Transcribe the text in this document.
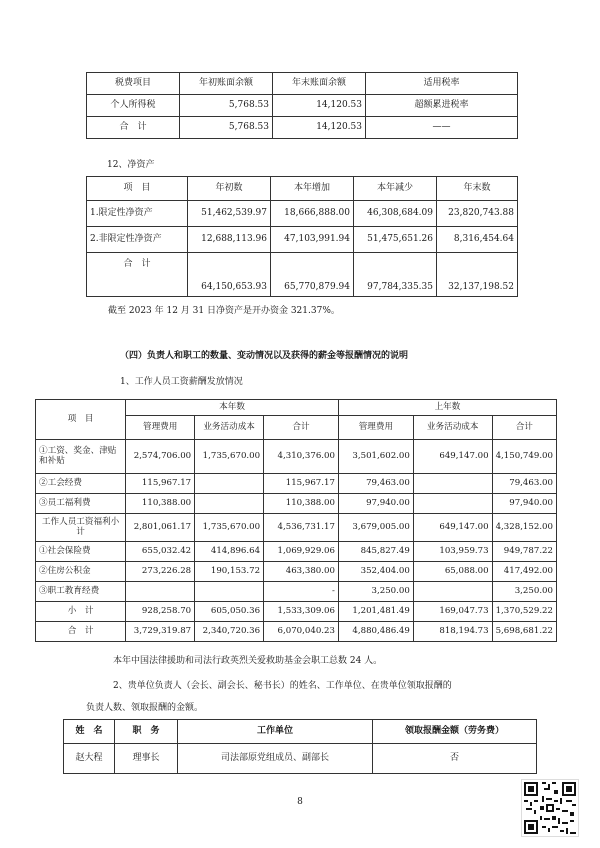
税费项目	年初账面余额	年末账面余额	适用税率
个人所得税	5,768.53	14,120.53	超额累进税率
合　计	5,768.53	14,120.53	——
12、净资产
项　目	年初数	本年增加	本年减少	年末数
1.限定性净资产	51,462,539.97	18,666,888.00	46,308,684.09	23,820,743.88
2.非限定性净资产	12,688,113.96	47,103,991.94	51,475,651.26	8,316,454.64
合　计	64,150,653.93	65,770,879.94	97,784,335.35	32,137,198.52
截至 2023 年 12 月 31 日净资产是开办资金 321.37%。
（四）负责人和职工的数量、变动情况以及获得的薪金等报酬情况的说明
1、工作人员工资薪酬发放情况
项　目	本年数			上年数		
	管理费用	业务活动成本	合计	管理费用	业务活动成本	合计
①工资、奖金、津贴和补贴	2,574,706.00	1,735,670.00	4,310,376.00	3,501,602.00	649,147.00	4,150,749.00
②工会经费	115,967.17		115,967.17	79,463.00		79,463.00
③员工福利费	110,388.00		110,388.00	97,940.00		97,940.00
工作人员工资福利小计	2,801,061.17	1,735,670.00	4,536,731.17	3,679,005.00	649,147.00	4,328,152.00
①社会保险费	655,032.42	414,896.64	1,069,929.06	845,827.49	103,959.73	949,787.22
②住房公积金	273,226.28	190,153.72	463,380.00	352,404.00	65,088.00	417,492.00
③职工教育经费			-	3,250.00		3,250.00
小　计	928,258.70	605,050.36	1,533,309.06	1,201,481.49	169,047.73	1,370,529.22
合　计	3,729,319.87	2,340,720.36	6,070,040.23	4,880,486.49	818,194.73	5,698,681.22
本年中国法律援助和司法行政英烈关爱救助基金会职工总数 24 人。
2、贵单位负责人（会长、副会长、秘书长）的姓名、工作单位、在贵单位领取报酬的
负责人数、领取报酬的金额。
姓　名	职　务	工作单位	领取报酬金额（劳务费）
赵大程	理事长	司法部原党组成员、副部长	否
8
